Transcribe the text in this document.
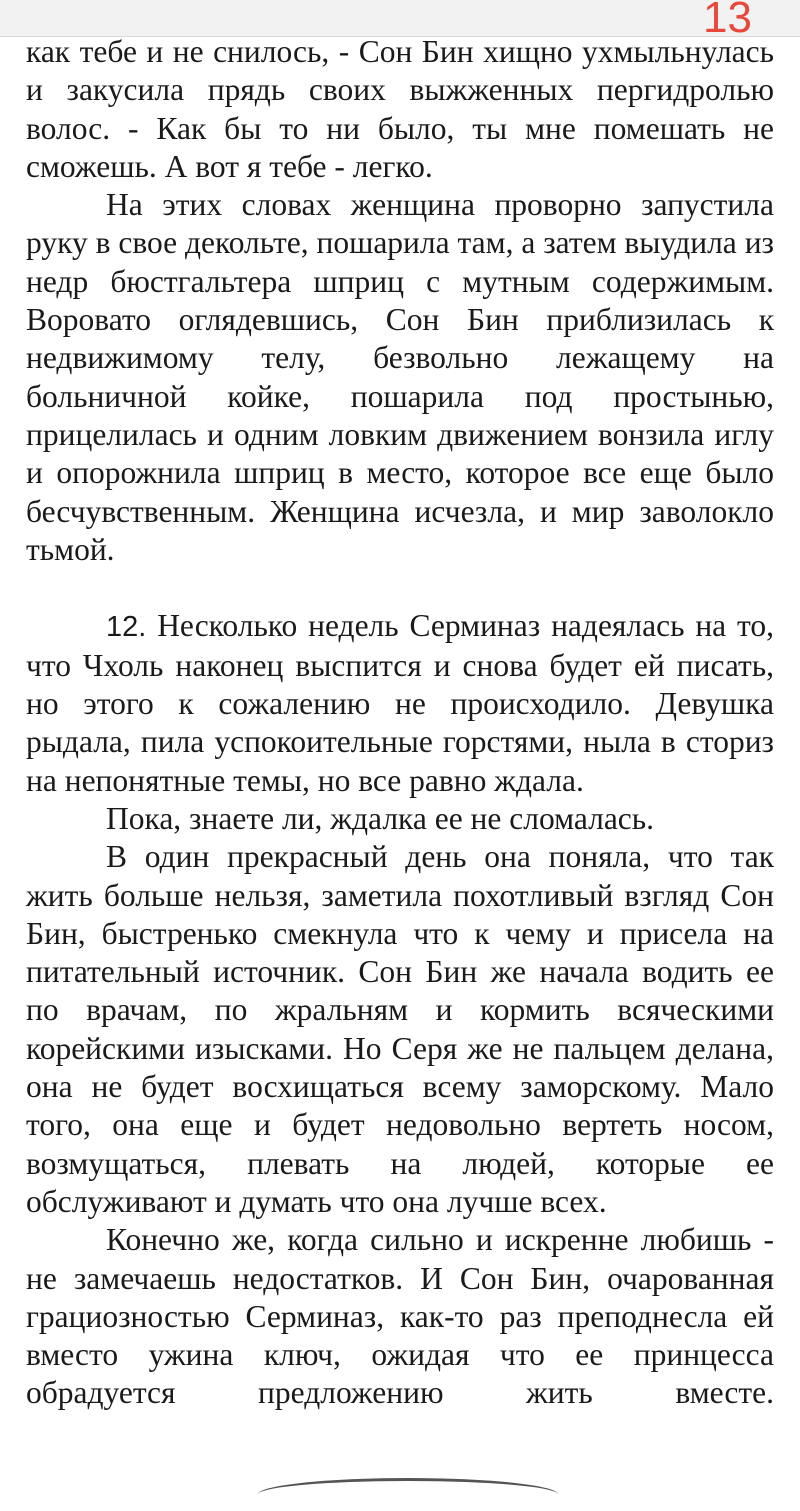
13

как тебе и не снилось, - Сон Бин хищно ухмыльнулась и закусила прядь своих выжженных пергидролью волос. - Как бы то ни было, ты мне помешать не сможешь. А вот я тебе - легко.

На этих словах женщина проворно запустила руку в свое декольте, пошарила там, а затем выудила из недр бюстгальтера шприц с мутным содержимым. Воровато оглядевшись, Сон Бин приблизилась к недвижимому телу, безвольно лежащему на больничной койке, пошарила под простынью, прицелилась и одним ловким движением вонзила иглу и опорожнила шприц в место, которое все еще было бесчувственным. Женщина исчезла, и мир заволокло тьмой.

12. Несколько недель Серминаз надеялась на то, что Чхоль наконец выспится и снова будет ей писать, но этого к сожалению не происходило. Девушка рыдала, пила успокоительные горстями, ныла в сториз на непонятные темы, но все равно ждала.

Пока, знаете ли, ждалка ее не сломалась.

В один прекрасный день она поняла, что так жить больше нельзя, заметила похотливый взгляд Сон Бин, быстренько смекнула что к чему и присела на питательный источник. Сон Бин же начала водить ее по врачам, по жральням и кормить всяческими корейскими изысками. Но Серя же не пальцем делана, она не будет восхищаться всему заморскому. Мало того, она еще и будет недовольно вертеть носом, возмущаться, плевать на людей, которые ее обслуживают и думать что она лучше всех.

Конечно же, когда сильно и искренне любишь - не замечаешь недостатков. И Сон Бин, очарованная грациозностью Серминаз, как-то раз преподнесла ей вместо ужина ключ, ожидая что ее принцесса обрадуется предложению жить вместе.
